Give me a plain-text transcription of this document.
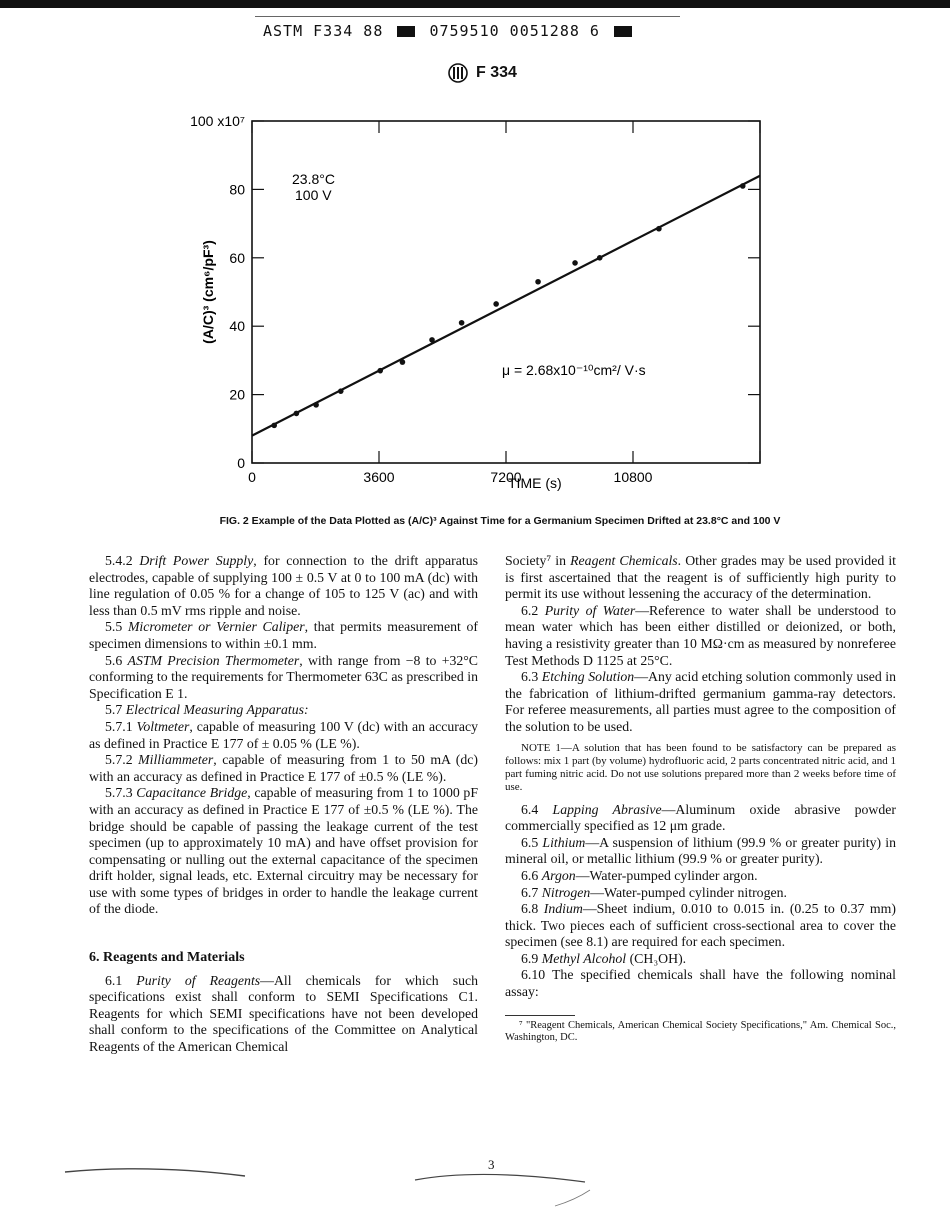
ASTM F334 88	0759510 0051288 6
F 334
0
20
40
60
80
100 x10⁷
0	3600	7200	10800
23.8°C
100 V
μ = 2.68x10⁻¹⁰cm²/ V·s
TIME (s)
(A/C)³ (cm⁶/pF³)
FIG. 2 Example of the Data Plotted as (A/C)³ Against Time for a Germanium Specimen Drifted at 23.8°C and 100 V

5.4.2 Drift Power Supply, for connection to the drift apparatus electrodes, capable of supplying 100 ± 0.5 V at 0 to 100 mA (dc) with line regulation of 0.05 % for a change of 105 to 125 V (ac) and with less than 0.5 mV rms ripple and noise.

5.5 Micrometer or Vernier Caliper, that permits measurement of specimen dimensions to within ±0.1 mm.

5.6 ASTM Precision Thermometer, with range from −8 to +32°C conforming to the requirements for Thermometer 63C as prescribed in Specification E 1.

5.7 Electrical Measuring Apparatus:

5.7.1 Voltmeter, capable of measuring 100 V (dc) with an accuracy as defined in Practice E 177 of ± 0.05 % (LE %).

5.7.2 Milliammeter, capable of measuring from 1 to 50 mA (dc) with an accuracy as defined in Practice E 177 of ±0.5 % (LE %).

5.7.3 Capacitance Bridge, capable of measuring from 1 to 1000 pF with an accuracy as defined in Practice E 177 of ±0.5 % (LE %). The bridge should be capable of passing the leakage current of the test specimen (up to approximately 10 mA) and have offset provision for compensating or nulling out the external capacitance of the specimen drift holder, signal leads, etc. External circuitry may be necessary for use with some types of bridges in order to handle the leakage current of the diode.

6. Reagents and Materials

6.1 Purity of Reagents—All chemicals for which such specifications exist shall conform to SEMI Specifications C1. Reagents for which SEMI specifications have not been developed shall conform to the specifications of the Committee on Analytical Reagents of the American Chemical

Society⁷ in Reagent Chemicals. Other grades may be used provided it is first ascertained that the reagent is of sufficiently high purity to permit its use without lessening the accuracy of the determination.

6.2 Purity of Water—Reference to water shall be understood to mean water which has been either distilled or deionized, or both, having a resistivity greater than 10 MΩ·cm as measured by nonreferee Test Methods D 1125 at 25°C.

6.3 Etching Solution—Any acid etching solution commonly used in the fabrication of lithium-drifted germanium gamma-ray detectors. For referee measurements, all parties must agree to the composition of the solution to be used.

NOTE 1—A solution that has been found to be satisfactory can be prepared as follows: mix 1 part (by volume) hydrofluoric acid, 2 parts concentrated nitric acid, and 1 part fuming nitric acid. Do not use solutions prepared more than 2 weeks before time of use.

6.4 Lapping Abrasive—Aluminum oxide abrasive powder commercially specified as 12 μm grade.

6.5 Lithium—A suspension of lithium (99.9 % or greater purity) in mineral oil, or metallic lithium (99.9 % or greater purity).

6.6 Argon—Water-pumped cylinder argon.

6.7 Nitrogen—Water-pumped cylinder nitrogen.

6.8 Indium—Sheet indium, 0.010 to 0.015 in. (0.25 to 0.37 mm) thick. Two pieces each of sufficient cross-sectional area to cover the specimen (see 8.1) are required for each specimen.

6.9 Methyl Alcohol (CH₃OH).

6.10 The specified chemicals shall have the following nominal assay:

⁷ "Reagent Chemicals, American Chemical Society Specifications," Am. Chemical Soc., Washington, DC.
3
